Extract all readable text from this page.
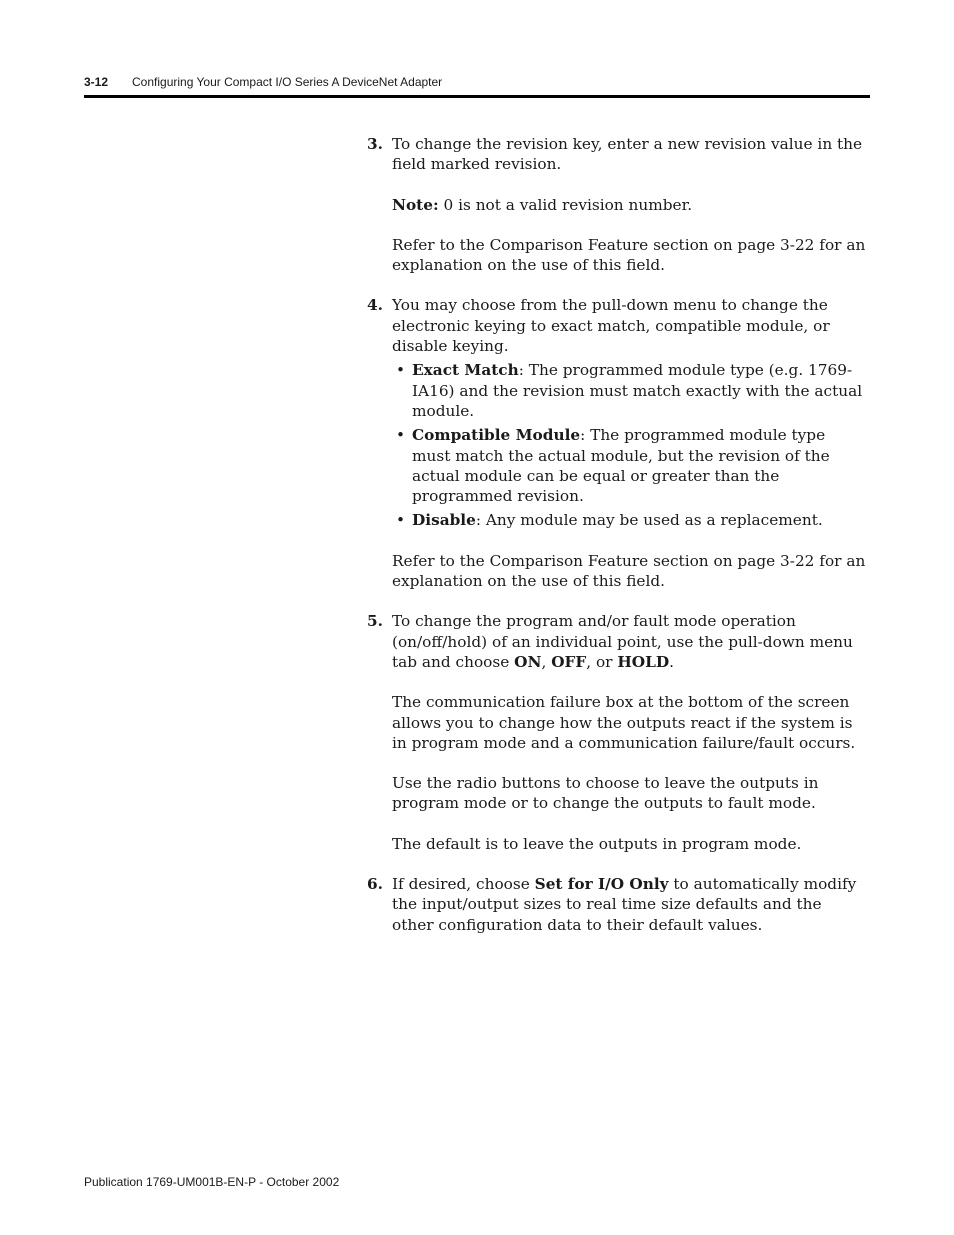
3-12 Configuring Your Compact I/O Series A DeviceNet Adapter
3. To change the revision key, enter a new revision value in the field marked revision.

Note: 0 is not a valid revision number.

Refer to the Comparison Feature section on page 3-22 for an explanation on the use of this field.

4. You may choose from the pull-down menu to change the electronic keying to exact match, compatible module, or disable keying.

• Exact Match: The programmed module type (e.g. 1769-IA16) and the revision must match exactly with the actual module.
• Compatible Module: The programmed module type must match the actual module, but the revision of the actual module can be equal or greater than the programmed revision.
• Disable: Any module may be used as a replacement.

Refer to the Comparison Feature section on page 3-22 for an explanation on the use of this field.

5. To change the program and/or fault mode operation (on/off/hold) of an individual point, use the pull-down menu tab and choose ON, OFF, or HOLD.

The communication failure box at the bottom of the screen allows you to change how the outputs react if the system is in program mode and a communication failure/fault occurs.

Use the radio buttons to choose to leave the outputs in program mode or to change the outputs to fault mode.

The default is to leave the outputs in program mode.

6. If desired, choose Set for I/O Only to automatically modify the input/output sizes to real time size defaults and the other configuration data to their default values.

Publication 1769-UM001B-EN-P - October 2002
